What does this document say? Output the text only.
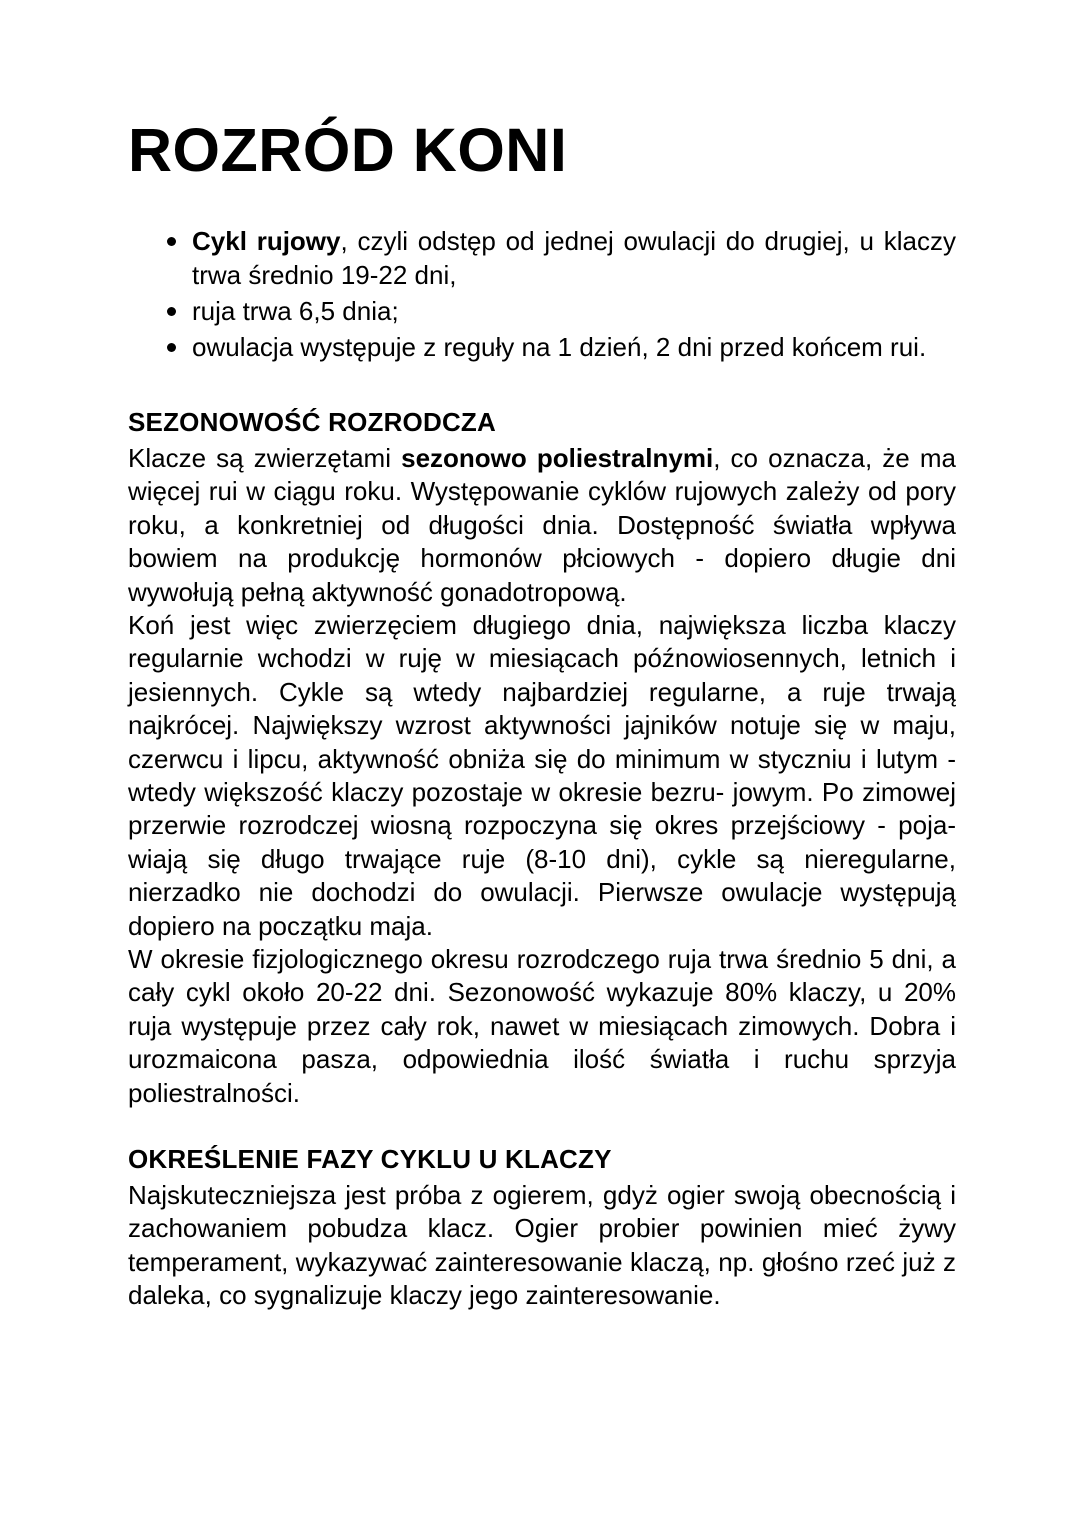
ROZRÓD KONI
Cykl rujowy, czyli odstęp od jednej owulacji do drugiej, u klaczy trwa średnio 19-22 dni,
ruja trwa 6,5 dnia;
owulacja występuje z reguły na 1 dzień, 2 dni przed końcem rui.
SEZONOWOŚĆ ROZRODCZA

Klacze są zwierzętami sezonowo poliestralnymi, co oznacza, że ma więcej rui w ciągu roku. Występowanie cyklów rujowych zależy od pory roku, a konkretniej od długości dnia. Dostępność światła wpływa bowiem na produkcję hormonów płciowych - dopiero długie dni wywołują pełną aktywność gonadotropową.

Koń jest więc zwierzęciem długiego dnia, największa liczba klaczy regularnie wchodzi w ruję w miesiącach późnowiosennych, letnich i jesiennych. Cykle są wtedy najbardziej regularne, a ruje trwają najkrócej. Największy wzrost aktywności jajników notuje się w maju, czerwcu i lipcu, aktywność obniża się do minimum w styczniu i lutym - wtedy większość klaczy pozostaje w okresie bezru- jowym. Po zimowej przerwie rozrodczej wiosną rozpoczyna się okres przejściowy - poja-wiają się długo trwające ruje (8-10 dni), cykle są nieregularne, nierzadko nie dochodzi do owulacji. Pierwsze owulacje występują dopiero na początku maja.

W okresie fizjologicznego okresu rozrodczego ruja trwa średnio 5 dni, a cały cykl około 20-22 dni. Sezonowość wykazuje 80% klaczy, u 20% ruja występuje przez cały rok, nawet w miesiącach zimowych. Dobra i urozmaicona pasza, odpowiednia ilość światła i ruchu sprzyja poliestralności.

OKREŚLENIE FAZY CYKLU U KLACZY

Najskuteczniejsza jest próba z ogierem, gdyż ogier swoją obecnością i zachowaniem pobudza klacz. Ogier probier powinien mieć żywy temperament, wykazywać zainteresowanie klaczą, np. głośno rzeć już z daleka, co sygnalizuje klaczy jego zainteresowanie.
